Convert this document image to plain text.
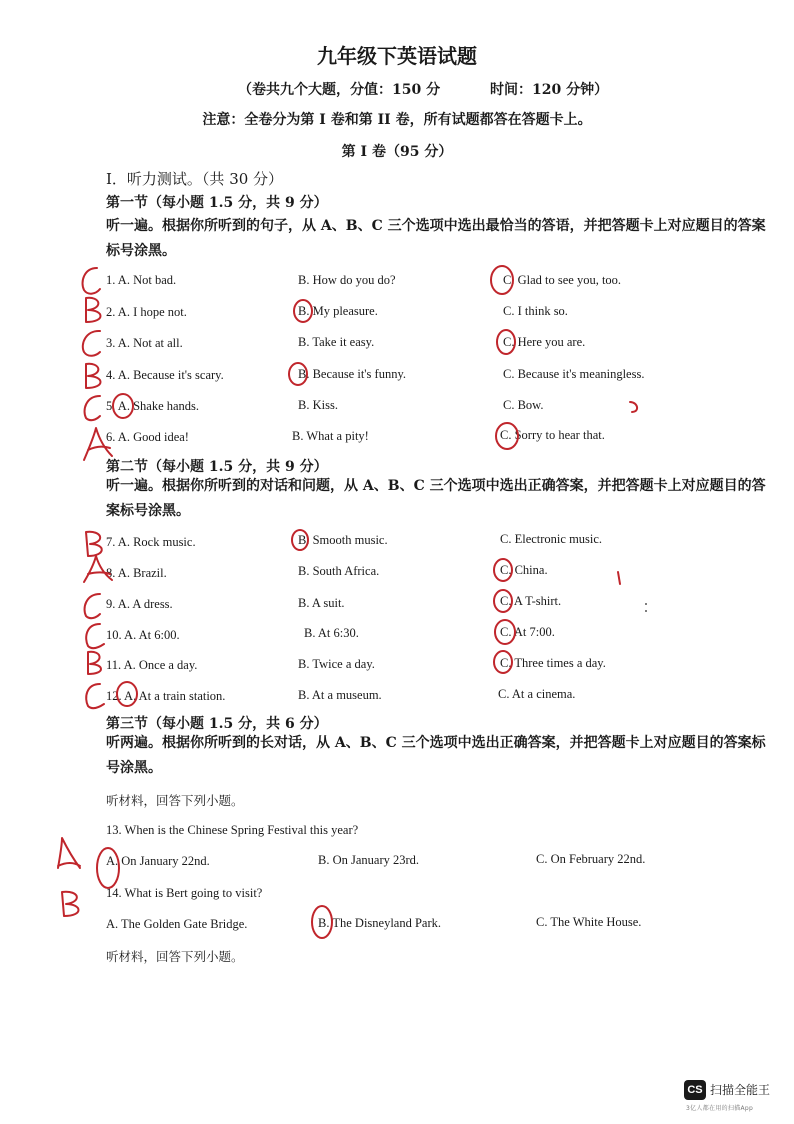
九年级下英语试题
（卷共九个大题，分值：150 分	时间：120 分钟）
注意：全卷分为第 I 卷和第 II 卷，所有试题都答在答题卡上。
第 I 卷（95 分）
I．听力测试。（共 30 分）
第一节（每小题 1.5 分，共 9 分）
听一遍。根据你所听到的句子，从 A、B、C 三个选项中选出最恰当的答语，并把答题卡上对应题目的答案标号涂黑。
1. A. Not bad.	B. How do you do?	C. Glad to see you, too.
2. A. I hope not.	B. My pleasure.	C. I think so.
3. A. Not at all.	B. Take it easy.	C. Here you are.
4. A. Because it's scary.	B. Because it's funny.	C. Because it's meaningless.
5. A. Shake hands.	B. Kiss.	C. Bow.
6. A. Good idea!	B. What a pity!	C. Sorry to hear that.
第二节（每小题 1.5 分，共 9 分）
听一遍。根据你所听到的对话和问题，从 A、B、C 三个选项中选出正确答案，并把答题卡上对应题目的答案标号涂黑。
7. A. Rock music.	B. Smooth music.	C. Electronic music.
8. A. Brazil.	B. South Africa.	C. China.
9. A. A dress.	B. A suit.	C. A T-shirt.
10. A. At 6:00.	B. At 6:30.	C. At 7:00.
11. A. Once a day.	B. Twice a day.	C. Three times a day.
12. A. At a train station.	B. At a museum.	C. At a cinema.
第三节（每小题 1.5 分，共 6 分）
听两遍。根据你所听到的长对话，从 A、B、C 三个选项中选出正确答案，并把答题卡上对应题目的答案标号涂黑。
听材料，回答下列小题。
13. When is the Chinese Spring Festival this year?
A. On January 22nd.	B. On January 23rd.	C. On February 22nd.
14. What is Bert going to visit?
A. The Golden Gate Bridge.	B. The Disneyland Park.	C. The White House.
听材料，回答下列小题。
CS 扫描全能王
3亿人都在用的扫描App
